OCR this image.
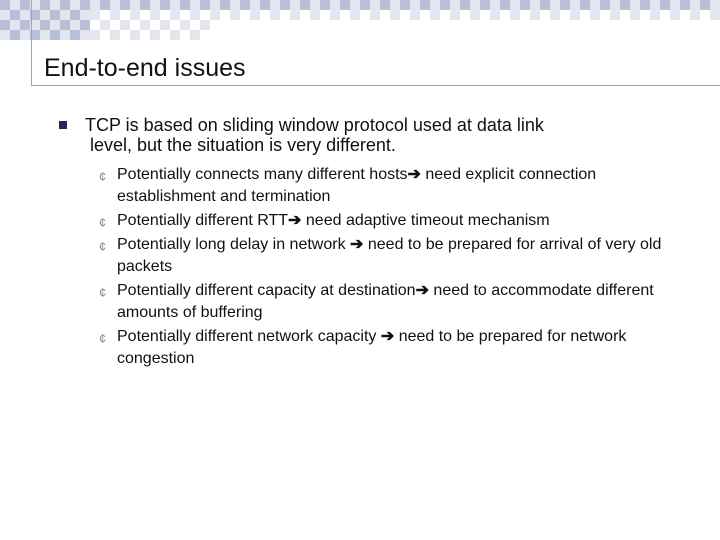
End-to-end issues
TCP is based on sliding window protocol used at data link
level, but the situation is very different.
¢ Potentially connects many different hosts➔ need explicit connection establishment and termination
¢ Potentially different RTT➔ need adaptive timeout mechanism
¢ Potentially long delay in network ➔ need to be prepared for arrival of very old packets
¢ Potentially different capacity at destination➔ need to accommodate different amounts of buffering
¢ Potentially different network capacity ➔ need to be prepared for network congestion
